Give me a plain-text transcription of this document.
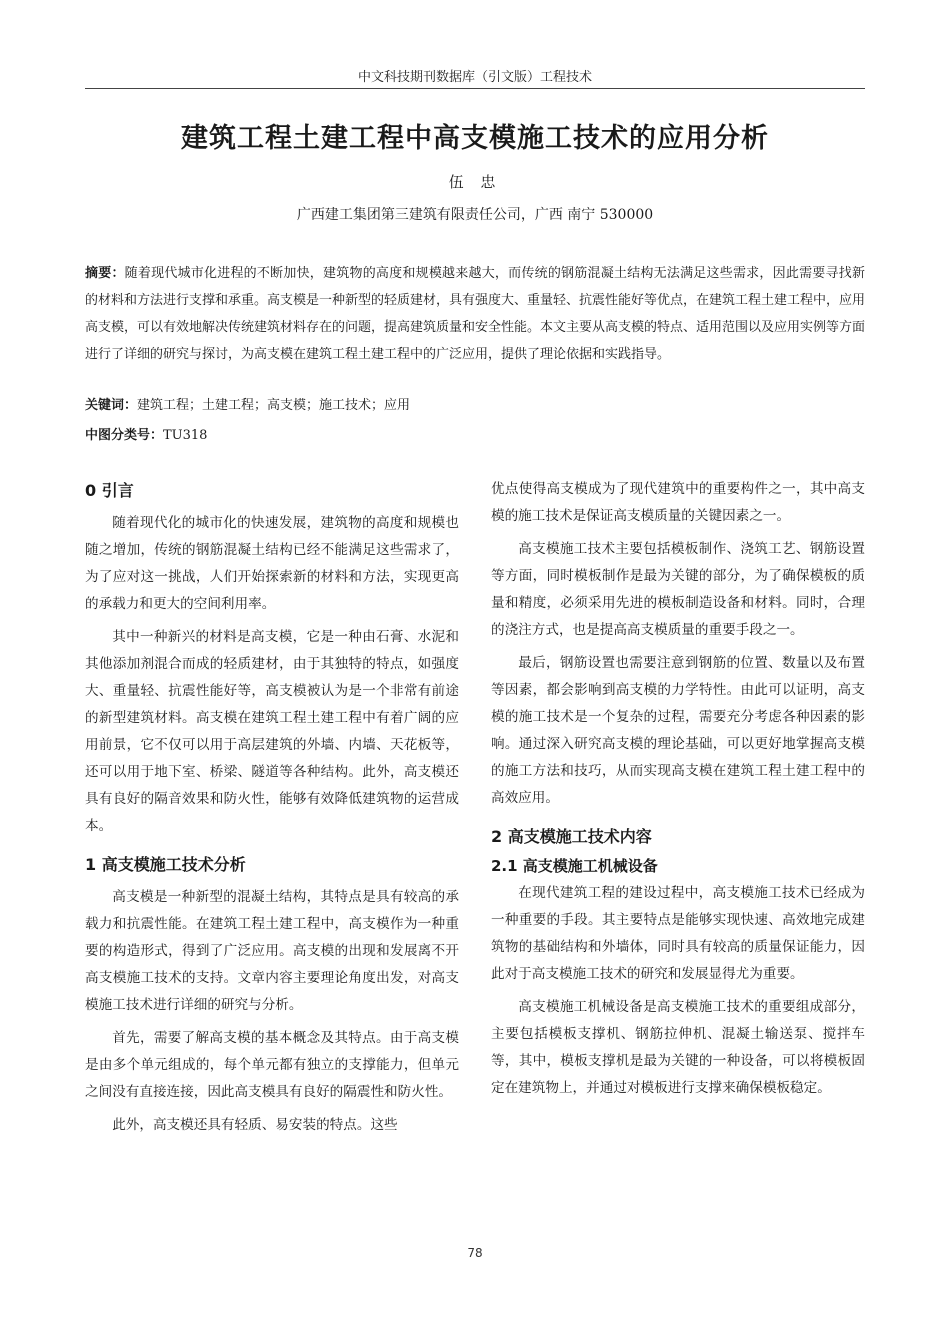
中文科技期刊数据库（引文版）工程技术
建筑工程土建工程中高支模施工技术的应用分析
伍 忠
广西建工集团第三建筑有限责任公司，广西 南宁 530000
摘要：随着现代城市化进程的不断加快，建筑物的高度和规模越来越大，而传统的钢筋混凝土结构无法满足这些需求，因此需要寻找新的材料和方法进行支撑和承重。高支模是一种新型的轻质建材，具有强度大、重量轻、抗震性能好等优点，在建筑工程土建工程中，应用高支模，可以有效地解决传统建筑材料存在的问题，提高建筑质量和安全性能。本文主要从高支模的特点、适用范围以及应用实例等方面进行了详细的研究与探讨，为高支模在建筑工程土建工程中的广泛应用，提供了理论依据和实践指导。
关键词：建筑工程；土建工程；高支模；施工技术；应用
中图分类号：TU318
0 引言

随着现代化的城市化的快速发展，建筑物的高度和规模也随之增加，传统的钢筋混凝土结构已经不能满足这些需求了，为了应对这一挑战，人们开始探索新的材料和方法，实现更高的承载力和更大的空间利用率。

其中一种新兴的材料是高支模，它是一种由石膏、水泥和其他添加剂混合而成的轻质建材，由于其独特的特点，如强度大、重量轻、抗震性能好等，高支模被认为是一个非常有前途的新型建筑材料。高支模在建筑工程土建工程中有着广阔的应用前景，它不仅可以用于高层建筑的外墙、内墙、天花板等，还可以用于地下室、桥梁、隧道等各种结构。此外，高支模还具有良好的隔音效果和防火性，能够有效降低建筑物的运营成本。

1 高支模施工技术分析

高支模是一种新型的混凝土结构，其特点是具有较高的承载力和抗震性能。在建筑工程土建工程中，高支模作为一种重要的构造形式，得到了广泛应用。高支模的出现和发展离不开高支模施工技术的支持。文章内容主要理论角度出发，对高支模施工技术进行详细的研究与分析。

首先，需要了解高支模的基本概念及其特点。由于高支模是由多个单元组成的，每个单元都有独立的支撑能力，但单元之间没有直接连接，因此高支模具有良好的隔震性和防火性。

此外，高支模还具有轻质、易安装的特点。这些

优点使得高支模成为了现代建筑中的重要构件之一，其中高支模的施工技术是保证高支模质量的关键因素之一。

高支模施工技术主要包括模板制作、浇筑工艺、钢筋设置等方面，同时模板制作是最为关键的部分，为了确保模板的质量和精度，必须采用先进的模板制造设备和材料。同时，合理的浇注方式，也是提高高支模质量的重要手段之一。

最后，钢筋设置也需要注意到钢筋的位置、数量以及布置等因素，都会影响到高支模的力学特性。由此可以证明，高支模的施工技术是一个复杂的过程，需要充分考虑各种因素的影响。通过深入研究高支模的理论基础，可以更好地掌握高支模的施工方法和技巧，从而实现高支模在建筑工程土建工程中的高效应用。

2 高支模施工技术内容
2.1 高支模施工机械设备

在现代建筑工程的建设过程中，高支模施工技术已经成为一种重要的手段。其主要特点是能够实现快速、高效地完成建筑物的基础结构和外墙体，同时具有较高的质量保证能力，因此对于高支模施工技术的研究和发展显得尤为重要。

高支模施工机械设备是高支模施工技术的重要组成部分，主要包括模板支撑机、钢筋拉伸机、混凝土输送泵、搅拌车等，其中，模板支撑机是最为关键的一种设备，可以将模板固定在建筑物上，并通过对模板进行支撑来确保模板稳定。

78
